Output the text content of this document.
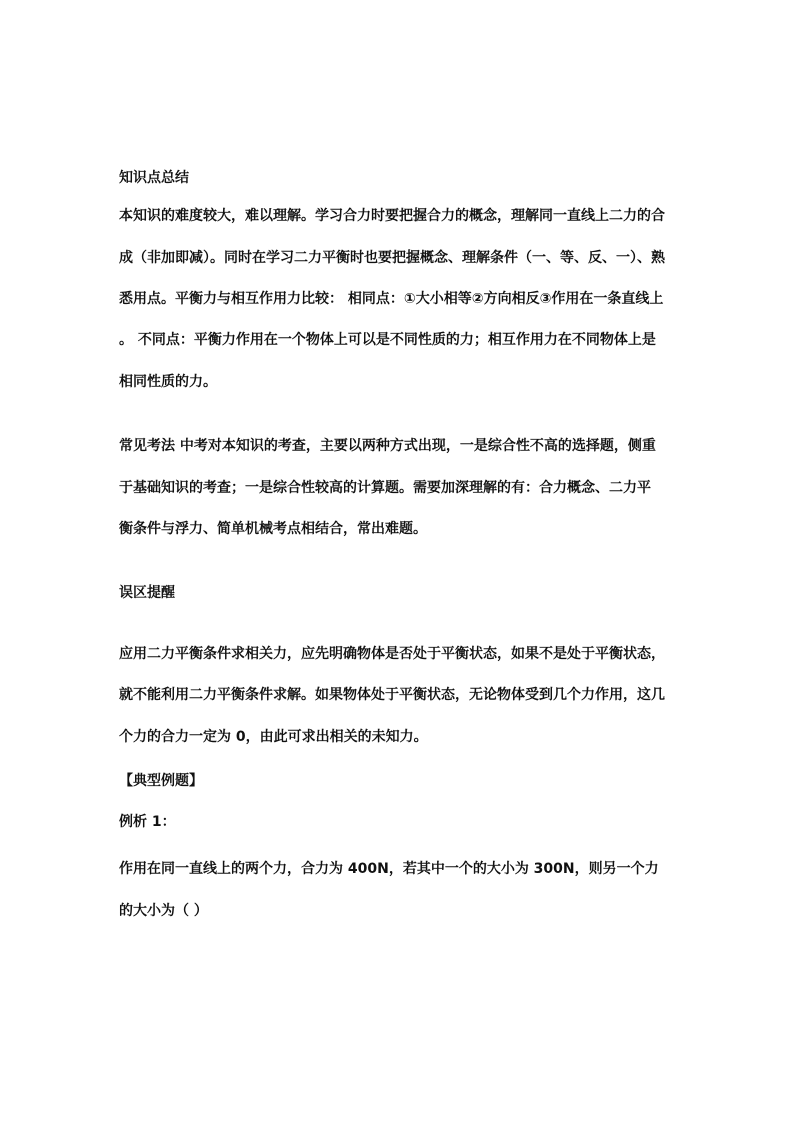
知识点总结
本知识的难度较大，难以理解。学习合力时要把握合力的概念，理解同一直线上二力的合
成（非加即减）。同时在学习二力平衡时也要把握概念、理解条件（一、等、反、一）、熟
悉用点。平衡力与相互作用力比较： 相同点：①大小相等②方向相反③作用在一条直线上
。 不同点：平衡力作用在一个物体上可以是不同性质的力；相互作用力在不同物体上是
相同性质的力。
常见考法 中考对本知识的考查，主要以两种方式出现，一是综合性不高的选择题，侧重
于基础知识的考查；一是综合性较高的计算题。需要加深理解的有：合力概念、二力平
衡条件与浮力、简单机械考点相结合，常出难题。
误区提醒
应用二力平衡条件求相关力，应先明确物体是否处于平衡状态，如果不是处于平衡状态，
就不能利用二力平衡条件求解。如果物体处于平衡状态，无论物体受到几个力作用，这几
个力的合力一定为 0，由此可求出相关的未知力。
【典型例题】
例析 1：
作用在同一直线上的两个力，合力为 400N，若其中一个的大小为 300N，则另一个力
的大小为（ ）
